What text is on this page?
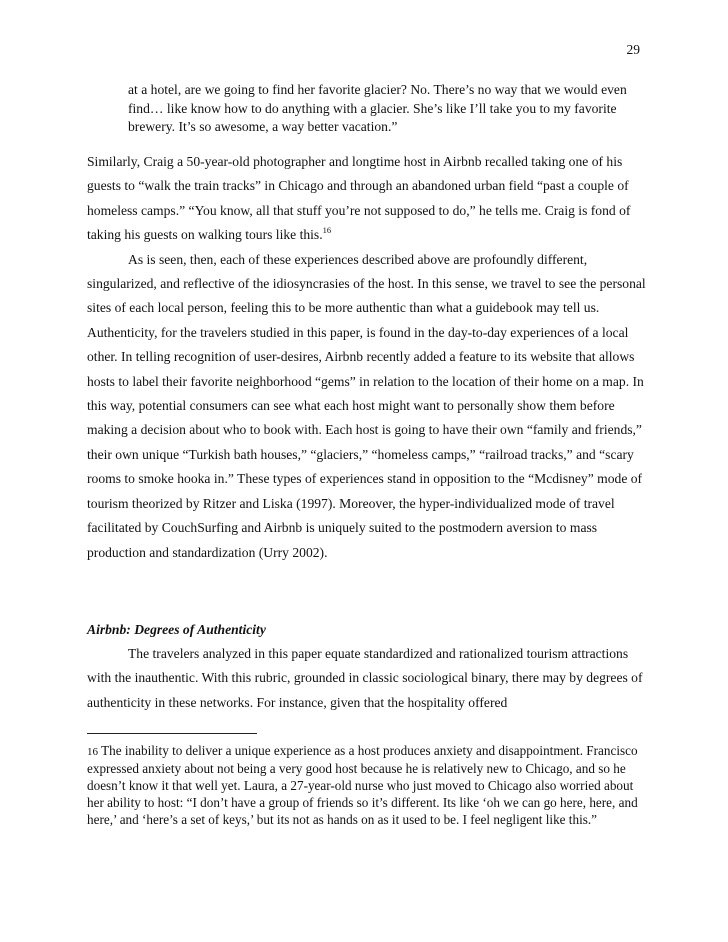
29
at a hotel, are we going to find her favorite glacier? No. There’s no way that we would even find… like know how to do anything with a glacier. She’s like I’ll take you to my favorite brewery. It’s so awesome, a way better vacation.”

Similarly, Craig a 50-year-old photographer and longtime host in Airbnb recalled taking one of his guests to “walk the train tracks” in Chicago and through an abandoned urban field “past a couple of homeless camps.” “You know, all that stuff you’re not supposed to do,” he tells me. Craig is fond of taking his guests on walking tours like this.$^{16}$

As is seen, then, each of these experiences described above are profoundly different, singularized, and reflective of the idiosyncrasies of the host. In this sense, we travel to see the personal sites of each local person, feeling this to be more authentic than what a guidebook may tell us. Authenticity, for the travelers studied in this paper, is found in the day-to-day experiences of a local other. In telling recognition of user-desires, Airbnb recently added a feature to its website that allows hosts to label their favorite neighborhood “gems” in relation to the location of their home on a map. In this way, potential consumers can see what each host might want to personally show them before making a decision about who to book with. Each host is going to have their own “family and friends,” their own unique “Turkish bath houses,” “glaciers,” “homeless camps,” “railroad tracks,” and “scary rooms to smoke hooka in.” These types of experiences stand in opposition to the “Mcdisney” mode of tourism theorized by Ritzer and Liska (1997). Moreover, the hyper-individualized mode of travel facilitated by CouchSurfing and Airbnb is uniquely suited to the postmodern aversion to mass production and standardization (Urry 2002).

Airbnb: Degrees of Authenticity

The travelers analyzed in this paper equate standardized and rationalized tourism attractions with the inauthentic. With this rubric, grounded in classic sociological binary, there may by degrees of authenticity in these networks. For instance, given that the hospitality offered

16 The inability to deliver a unique experience as a host produces anxiety and disappointment. Francisco expressed anxiety about not being a very good host because he is relatively new to Chicago, and so he doesn’t know it that well yet. Laura, a 27-year-old nurse who just moved to Chicago also worried about her ability to host: “I don’t have a group of friends so it’s different. Its like ‘oh we can go here, here, and here,’ and ‘here’s a set of keys,’ but its not as hands on as it used to be. I feel negligent like this.”
